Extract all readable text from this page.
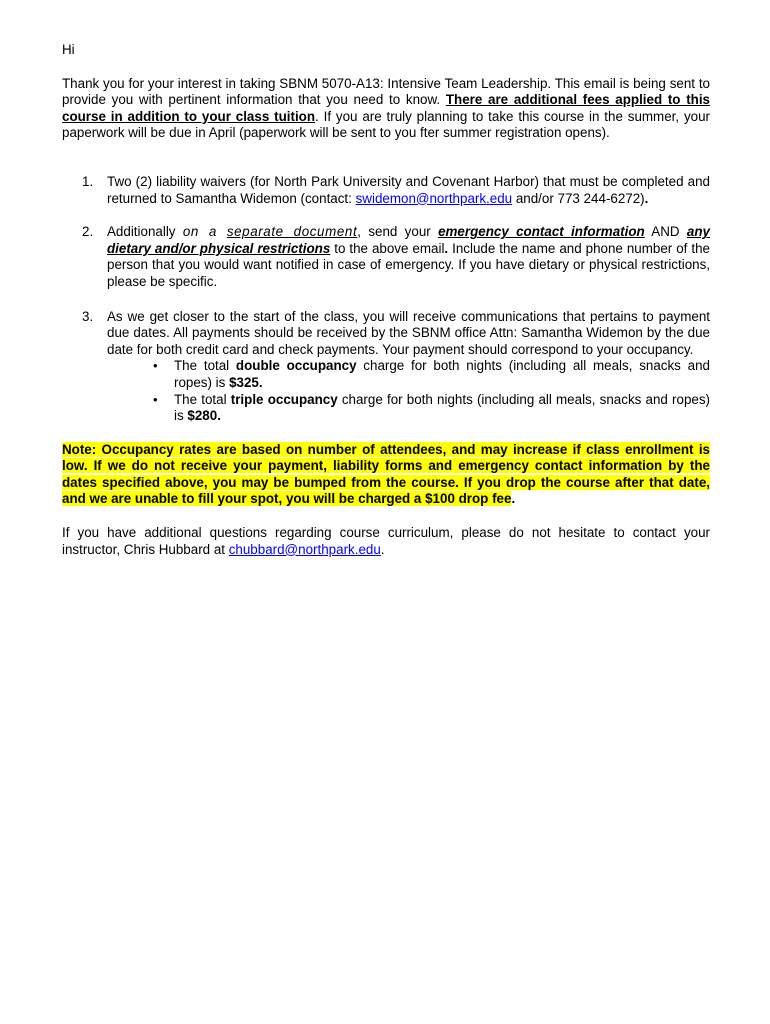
Hi

Thank you for your interest in taking SBNM 5070-A13: Intensive Team Leadership. This email is being sent to provide you with pertinent information that you need to know. There are additional fees applied to this course in addition to your class tuition. If you are truly planning to take this course in the summer, your paperwork will be due in April (paperwork will be sent to you fter summer registration opens).

1. Two (2) liability waivers (for North Park University and Covenant Harbor) that must be completed and returned to Samantha Widemon (contact: swidemon@northpark.edu and/or 773 244-6272).
2. Additionally on a separate document, send your emergency contact information AND any dietary and/or physical restrictions to the above email. Include the name and phone number of the person that you would want notified in case of emergency. If you have dietary or physical restrictions, please be specific.
3. As we get closer to the start of the class, you will receive communications that pertains to payment due dates. All payments should be received by the SBNM office Attn: Samantha Widemon by the due date for both credit card and check payments. Your payment should correspond to your occupancy.
• The total double occupancy charge for both nights (including all meals, snacks and ropes) is $325.
• The total triple occupancy charge for both nights (including all meals, snacks and ropes) is $280.

Note: Occupancy rates are based on number of attendees, and may increase if class enrollment is low. If we do not receive your payment, liability forms and emergency contact information by the dates specified above, you may be bumped from the course. If you drop the course after that date, and we are unable to fill your spot, you will be charged a $100 drop fee.

If you have additional questions regarding course curriculum, please do not hesitate to contact your instructor, Chris Hubbard at chubbard@northpark.edu.
